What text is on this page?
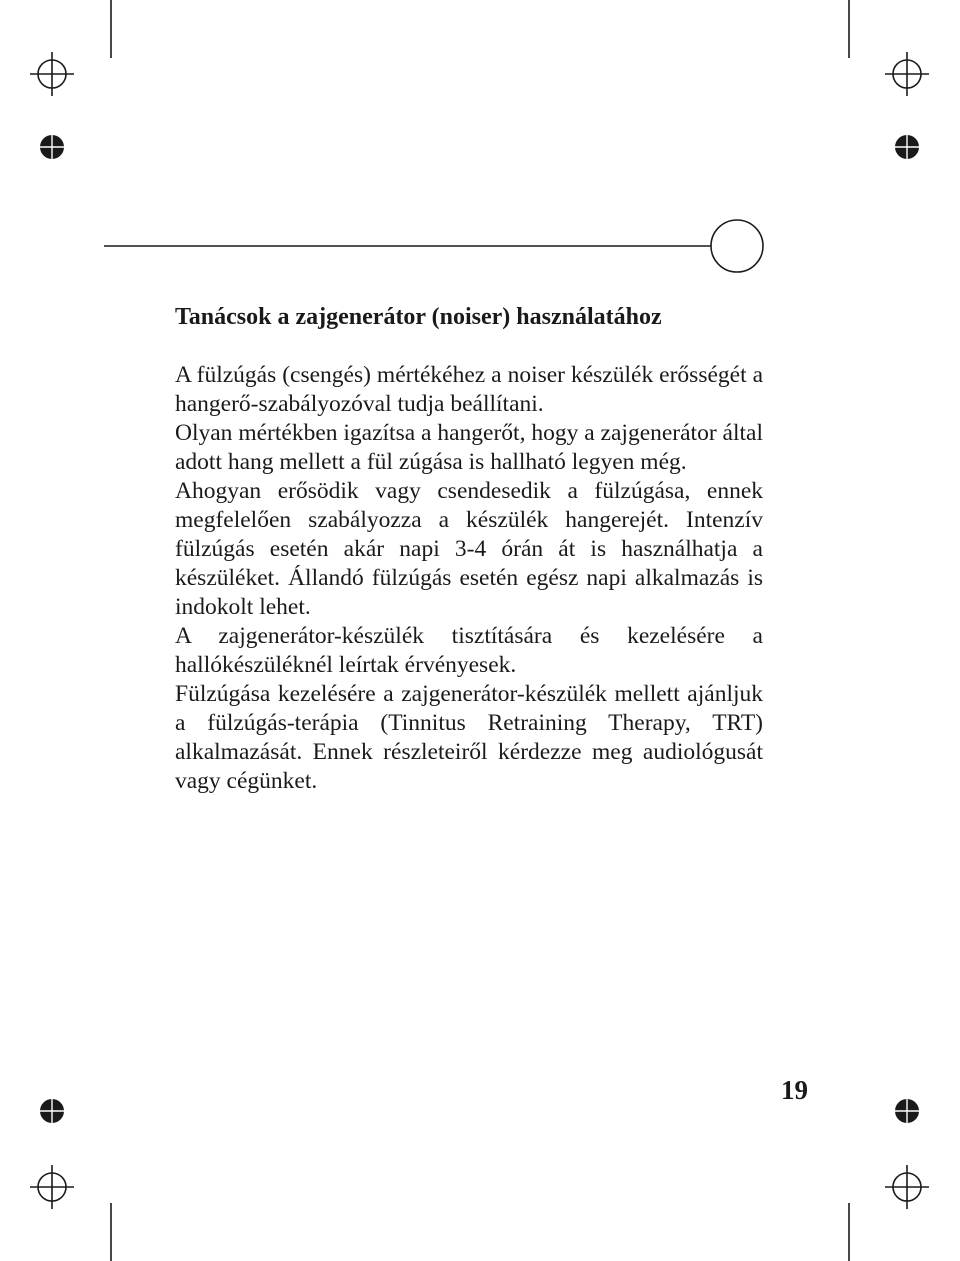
Tanácsok a zajgenerátor (noiser) használatához

A fülzúgás (csengés) mértékéhez a noiser készülék erősségét a hangerő-szabályozóval tudja beállítani.

Olyan mértékben igazítsa a hangerőt, hogy a zajgenerátor által adott hang mellett a fül zúgása is hallható legyen még.

Ahogyan erősödik vagy csendesedik a fülzúgása, ennek megfelelően szabályozza a készülék hangerejét. Intenzív fülzúgás esetén akár napi 3-4 órán át is használhatja a készüléket. Állandó fülzúgás esetén egész napi alkalmazás is indokolt lehet.

A zajgenerátor-készülék tisztítására és kezelésére a hallókészüléknél leírtak érvényesek.

Fülzúgása kezelésére a zajgenerátor-készülék mellett ajánljuk a fülzúgás-terápia (Tinnitus Retraining Therapy, TRT) alkalmazását. Ennek részleteiről kérdezze meg audiológusát vagy cégünket.

19
